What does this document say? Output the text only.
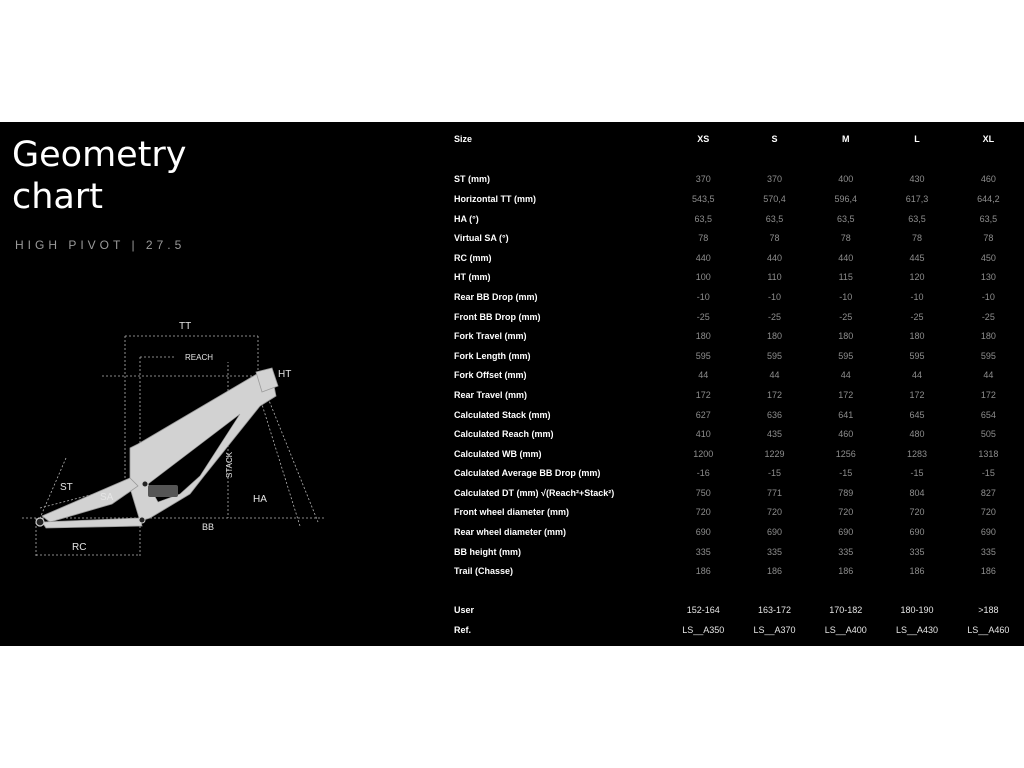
Geometry
chart
HIGH PIVOT | 27.5
TT
REACH
HT
ST
SA
STACK
HA
BB
RC
Size	XS	S	M	L	XL

ST (mm)	370	370	400	430	460
Horizontal TT (mm)	543,5	570,4	596,4	617,3	644,2
HA (°)	63,5	63,5	63,5	63,5	63,5
Virtual SA (°)	78	78	78	78	78
RC (mm)	440	440	440	445	450
HT (mm)	100	110	115	120	130
Rear BB Drop (mm)	-10	-10	-10	-10	-10
Front BB Drop (mm)	-25	-25	-25	-25	-25
Fork Travel (mm)	180	180	180	180	180
Fork Length (mm)	595	595	595	595	595
Fork Offset (mm)	44	44	44	44	44
Rear Travel (mm)	172	172	172	172	172
Calculated Stack (mm)	627	636	641	645	654
Calculated Reach (mm)	410	435	460	480	505
Calculated WB (mm)	1200	1229	1256	1283	1318
Calculated Average BB Drop (mm)	-16	-15	-15	-15	-15
Calculated DT (mm) √(Reach²+Stack²)	750	771	789	804	827
Front wheel diameter (mm)	720	720	720	720	720
Rear wheel diameter (mm)	690	690	690	690	690
BB height (mm)	335	335	335	335	335
Trail (Chasse)	186	186	186	186	186

User	152-164	163-172	170-182	180-190	>188
Ref.	LS__A350	LS__A370	LS__A400	LS__A430	LS__A460
